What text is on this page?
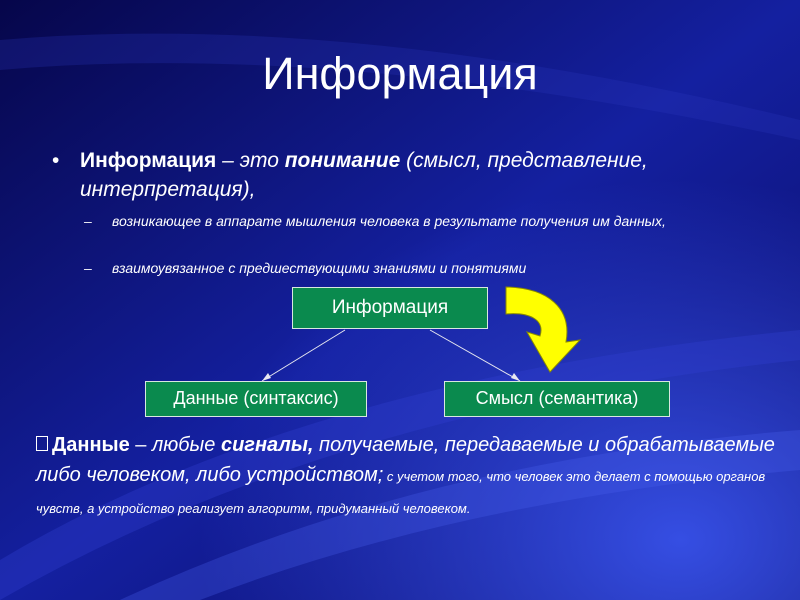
Информация
• Информация – это понимание (смысл, представление, интерпретация),
– возникающее в аппарате мышления человека в результате получения им данных,
– взаимоувязанное с предшествующими знаниями и понятиями
Информация
Данные (синтаксис)	Смысл (семантика)
Данные – любые сигналы, получаемые, передаваемые и обрабатываемые либо человеком, либо устройством; с учетом того, что человек это делает с помощью органов чувств, а устройство реализует алгоритм, придуманный человеком.
